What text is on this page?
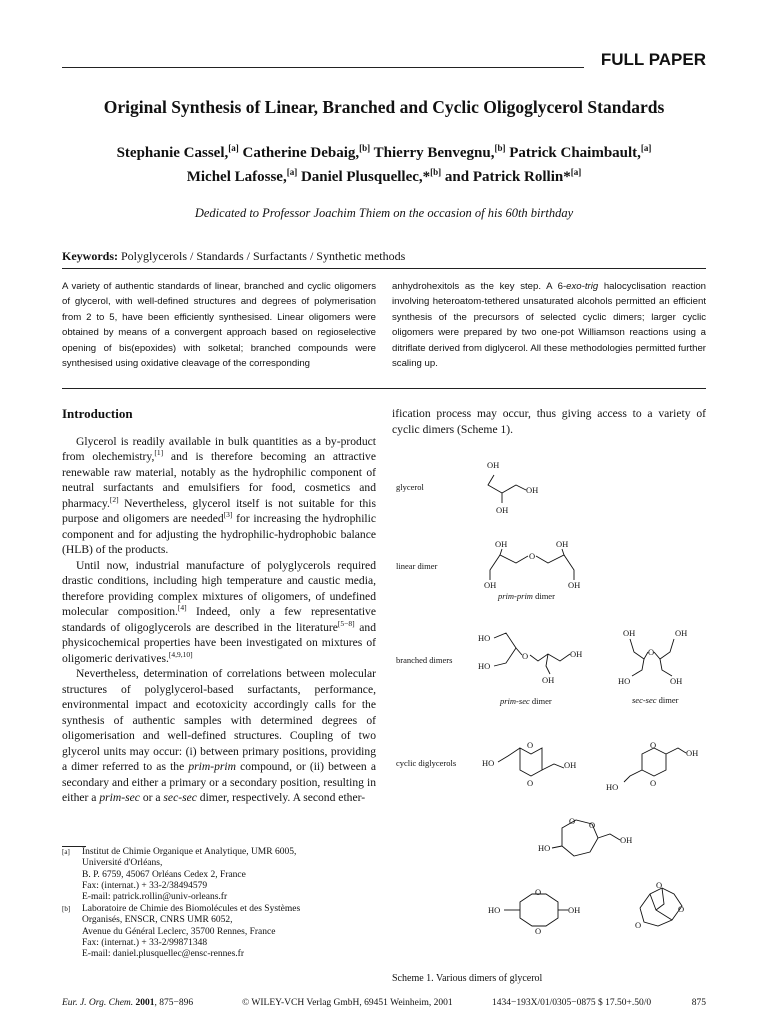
FULL PAPER
Original Synthesis of Linear, Branched and Cyclic Oligoglycerol Standards
Stephanie Cassel,[a] Catherine Debaig,[b] Thierry Benvegnu,[b] Patrick Chaimbault,[a]
Michel Lafosse,[a] Daniel Plusquellec,*[b] and Patrick Rollin*[a]
Dedicated to Professor Joachim Thiem on the occasion of his 60th birthday
Keywords: Polyglycerols / Standards / Surfactants / Synthetic methods

A variety of authentic standards of linear, branched and cyclic oligomers of glycerol, with well-defined structures and degrees of polymerisation from 2 to 5, have been efficiently synthesised. Linear oligomers were obtained by means of a convergent approach based on regioselective opening of bis(epoxides) with solketal; branched compounds were synthesised using oxidative cleavage of the corresponding

anhydrohexitols as the key step. A 6-exo-trig halocyclisation reaction involving heteroatom-tethered unsaturated alcohols permitted an efficient synthesis of the precursors of selected cyclic dimers; larger cyclic oligomers were prepared by two one-pot Williamson reactions using a ditriflate derived from diglycerol. All these methodologies permitted further scaling up.

Introduction

Glycerol is readily available in bulk quantities as a by-product from olechemistry,[1] and is therefore becoming an attractive renewable raw material, notably as the hydrophilic component of neutral surfactants and emulsifiers for food, cosmetics and pharmacy.[2] Nevertheless, glycerol itself is not suitable for this purpose and oligomers are needed[3] for increasing the hydrophilic component and for adjusting the hydrophilic-hydrophobic balance (HLB) of the products.

Until now, industrial manufacture of polyglycerols required drastic conditions, including high temperature and caustic media, therefore providing complex mixtures of oligomers, of undefined molecular composition.[4] Indeed, only a few representative standards of oligoglycerols are described in the literature[5−8] and physicochemical properties have been investigated on mixtures of oligomeric derivatives.[4,9,10]

Nevertheless, determination of correlations between molecular structures of polyglycerol-based surfactants, performance, environmental impact and ecotoxicity accordingly calls for the synthesis of authentic samples with determined degrees of oligomerisation and well-defined structures. Coupling of two glycerol units may occur: (i) between primary positions, providing a dimer referred to as the prim-prim compound, or (ii) between a secondary and either a primary or a secondary position, resulting in either a prim-sec or a sec-sec dimer, respectively. A second ether-

[a] Institut de Chimie Organique et Analytique, UMR 6005,
Université d'Orléans,
B. P. 6759, 45067 Orléans Cedex 2, France
Fax: (internat.) + 33-2/38494579
E-mail: patrick.rollin@univ-orleans.fr
[b] Laboratoire de Chimie des Biomolécules et des Systèmes
Organisés, ENSCR, CNRS UMR 6052,
Avenue du Général Leclerc, 35700 Rennes, France
Fax: (internat.) + 33-2/99871348
E-mail: daniel.plusquellec@ensc-rennes.fr

ification process may occur, thus giving access to a variety of cyclic dimers (Scheme 1).

glycerol
linear dimer
branched dimers
cyclic diglycerols
OH
OH
OH
OH
O
OH
OH	OH
prim-prim dimer
HO
HO
O	OH
OH
prim-sec dimer
OH
O
OH
HO	OH
sec-sec dimer
HO
O
O
OH
O
O
OH
HO
O O
OH
HO
O
O
HO	OH
O
O
O
Scheme 1. Various dimers of glycerol
Eur. J. Org. Chem. 2001, 875−896	© WILEY-VCH Verlag GmbH, 69451 Weinheim, 2001	1434−193X/01/0305−0875 $ 17.50+.50/0	875
